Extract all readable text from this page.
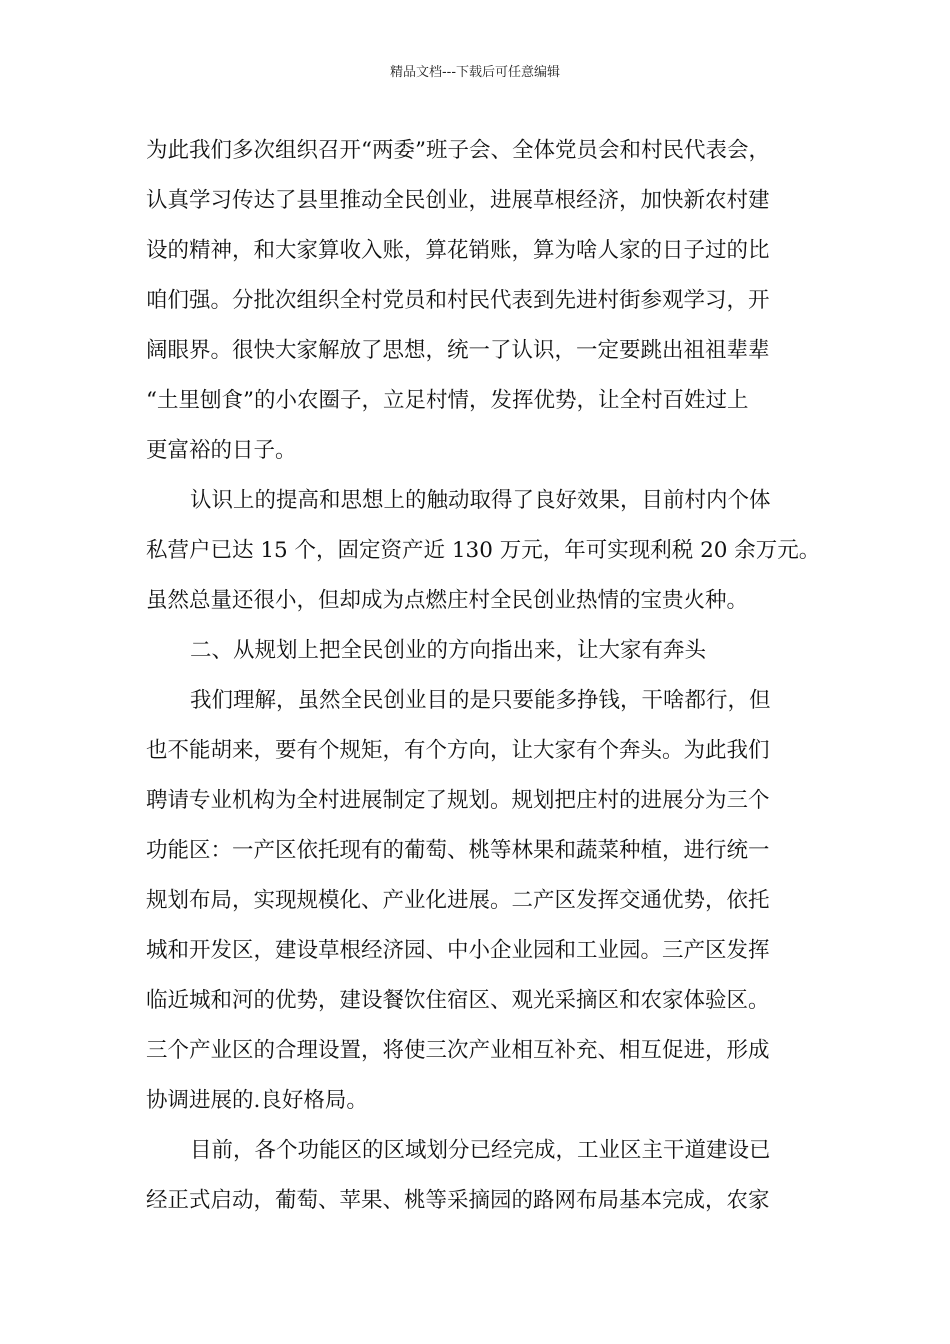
精品文档---下载后可任意编辑
为此我们多次组织召开“两委”班子会、全体党员会和村民代表会，
认真学习传达了县里推动全民创业，进展草根经济，加快新农村建
设的精神，和大家算收入账，算花销账，算为啥人家的日子过的比
咱们强。分批次组织全村党员和村民代表到先进村街参观学习，开
阔眼界。很快大家解放了思想，统一了认识，一定要跳出祖祖辈辈
“土里刨食”的小农圈子，立足村情，发挥优势，让全村百姓过上
更富裕的日子。
认识上的提高和思想上的触动取得了良好效果，目前村内个体
私营户已达 15 个，固定资产近 130 万元，年可实现利税 20 余万元。
虽然总量还很小，但却成为点燃庄村全民创业热情的宝贵火种。
二、从规划上把全民创业的方向指出来，让大家有奔头
我们理解，虽然全民创业目的是只要能多挣钱，干啥都行，但
也不能胡来，要有个规矩，有个方向，让大家有个奔头。为此我们
聘请专业机构为全村进展制定了规划。规划把庄村的进展分为三个
功能区：一产区依托现有的葡萄、桃等林果和蔬菜种植，进行统一
规划布局，实现规模化、产业化进展。二产区发挥交通优势，依托
城和开发区，建设草根经济园、中小企业园和工业园。三产区发挥
临近城和河的优势，建设餐饮住宿区、观光采摘区和农家体验区。
三个产业区的合理设置，将使三次产业相互补充、相互促进，形成
协调进展的.良好格局。
目前，各个功能区的区域划分已经完成，工业区主干道建设已
经正式启动，葡萄、苹果、桃等采摘园的路网布局基本完成，农家
